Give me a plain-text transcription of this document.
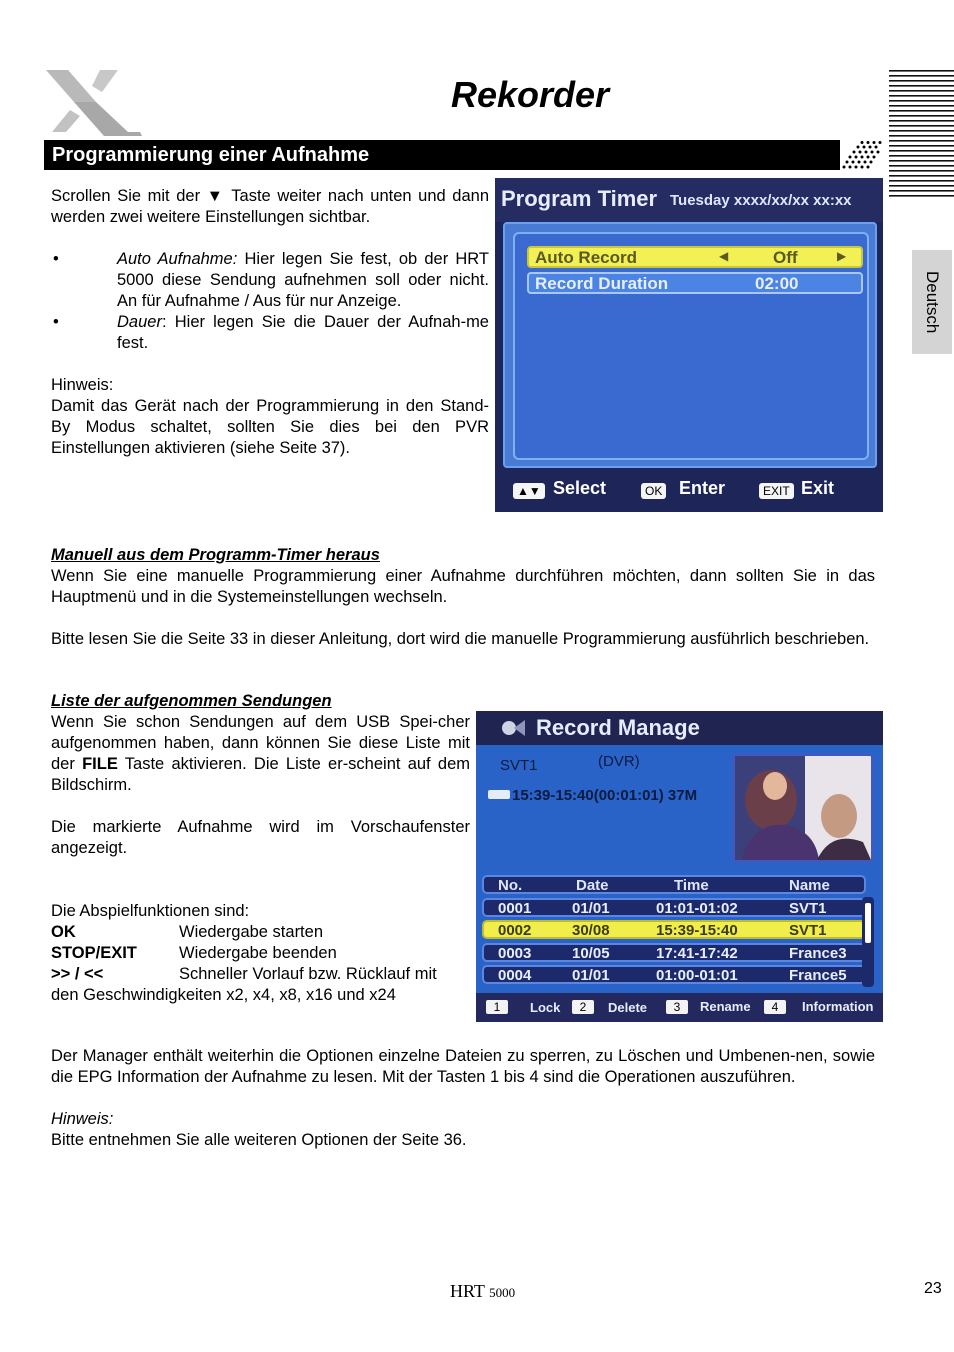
Rekorder
Deutsch
Programmierung einer Aufnahme

Scrollen Sie mit der ▼ Taste weiter nach unten und dann werden zwei weitere Einstellungen sichtbar.

•	Auto Aufnahme: Hier legen Sie fest, ob der HRT 5000 diese Sendung aufnehmen soll oder nicht. An für Aufnahme / Aus für nur Anzeige.
•	Dauer: Hier legen Sie die Dauer der Aufnah-me fest.

Hinweis:

Damit das Gerät nach der Programmierung in den Stand-By Modus schaltet, sollten Sie dies bei den PVR Einstellungen aktivieren (siehe Seite 37).

Program Timer Tuesday xxxx/xx/xx xx:xx
Auto Record	◀	Off	▶
Record Duration	02:00
▲▼ Select	OK Enter	EXIT Exit

Manuell aus dem Programm-Timer heraus

Wenn Sie eine manuelle Programmierung einer Aufnahme durchführen möchten, dann sollten Sie in das Hauptmenü und in die Systemeinstellungen wechseln.

Bitte lesen Sie die Seite 33 in dieser Anleitung, dort wird die manuelle Programmierung ausführlich beschrieben.

Liste der aufgenommen Sendungen

Wenn Sie schon Sendungen auf dem USB Spei-cher aufgenommen haben, dann können Sie diese Liste mit der FILE Taste aktivieren. Die Liste er-scheint auf dem Bildschirm.

Die markierte Aufnahme wird im Vorschaufenster angezeigt.

Die Abspielfunktionen sind:

OK	Wiedergabe starten
STOP/EXIT	Wiedergabe beenden
>> / <<	Schneller Vorlauf bzw. Rücklauf mit

den Geschwindigkeiten x2, x4, x8, x16 und x24

Record Manage
SVT1	(DVR)
15:39-15:40(00:01:01) 37M
No.	Date	Time	Name
0001	01/01	01:01-01:02	SVT1
0002	30/08	15:39-15:40	SVT1
0003	10/05	17:41-17:42	France3
0004	01/01	01:00-01:01	France5
1	Lock	2	Delete	3	Rename	4	Information

Der Manager enthält weiterhin die Optionen einzelne Dateien zu sperren, zu Löschen und Umbenen-nen, sowie die EPG Information der Aufnahme zu lesen. Mit der Tasten 1 bis 4 sind die Operationen auszuführen.

Hinweis:

Bitte entnehmen Sie alle weiteren Optionen der Seite 36.

HRT 5000	23
